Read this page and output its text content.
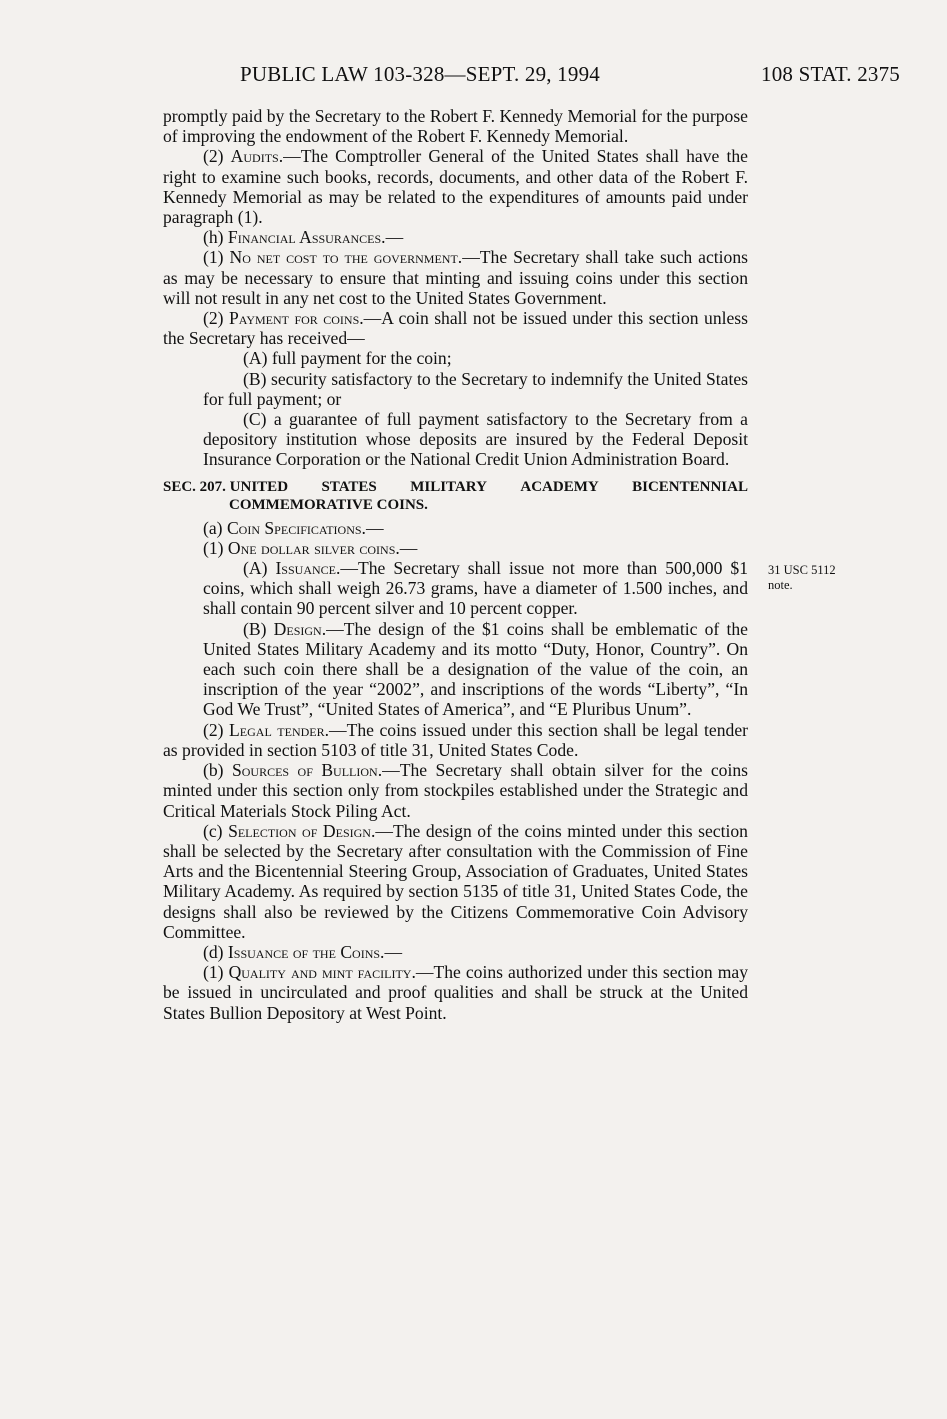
PUBLIC LAW 103-328—SEPT. 29, 1994	108 STAT. 2375
31 USC 5112
note.

promptly paid by the Secretary to the Robert F. Kennedy Memorial for the purpose of improving the endowment of the Robert F. Kennedy Memorial.

(2) Audits.—The Comptroller General of the United States shall have the right to examine such books, records, documents, and other data of the Robert F. Kennedy Memorial as may be related to the expenditures of amounts paid under paragraph (1).

(h) Financial Assurances.—

(1) No net cost to the government.—The Secretary shall take such actions as may be necessary to ensure that minting and issuing coins under this section will not result in any net cost to the United States Government.

(2) Payment for coins.—A coin shall not be issued under this section unless the Secretary has received—

(A) full payment for the coin;

(B) security satisfactory to the Secretary to indemnify the United States for full payment; or

(C) a guarantee of full payment satisfactory to the Secretary from a depository institution whose deposits are insured by the Federal Deposit Insurance Corporation or the National Credit Union Administration Board.

SEC. 207. UNITED STATES MILITARY ACADEMY BICENTENNIAL
COMMEMORATIVE COINS.

(a) Coin Specifications.—

(1) One dollar silver coins.—

(A) Issuance.—The Secretary shall issue not more than 500,000 $1 coins, which shall weigh 26.73 grams, have a diameter of 1.500 inches, and shall contain 90 percent silver and 10 percent copper.

(B) Design.—The design of the $1 coins shall be emblematic of the United States Military Academy and its motto “Duty, Honor, Country”. On each such coin there shall be a designation of the value of the coin, an inscription of the year “2002”, and inscriptions of the words “Liberty”, “In God We Trust”, “United States of America”, and “E Pluribus Unum”.

(2) Legal tender.—The coins issued under this section shall be legal tender as provided in section 5103 of title 31, United States Code.

(b) Sources of Bullion.—The Secretary shall obtain silver for the coins minted under this section only from stockpiles established under the Strategic and Critical Materials Stock Piling Act.

(c) Selection of Design.—The design of the coins minted under this section shall be selected by the Secretary after consultation with the Commission of Fine Arts and the Bicentennial Steering Group, Association of Graduates, United States Military Academy. As required by section 5135 of title 31, United States Code, the designs shall also be reviewed by the Citizens Commemorative Coin Advisory Committee.

(d) Issuance of the Coins.—

(1) Quality and mint facility.—The coins authorized under this section may be issued in uncirculated and proof qualities and shall be struck at the United States Bullion Depository at West Point.
